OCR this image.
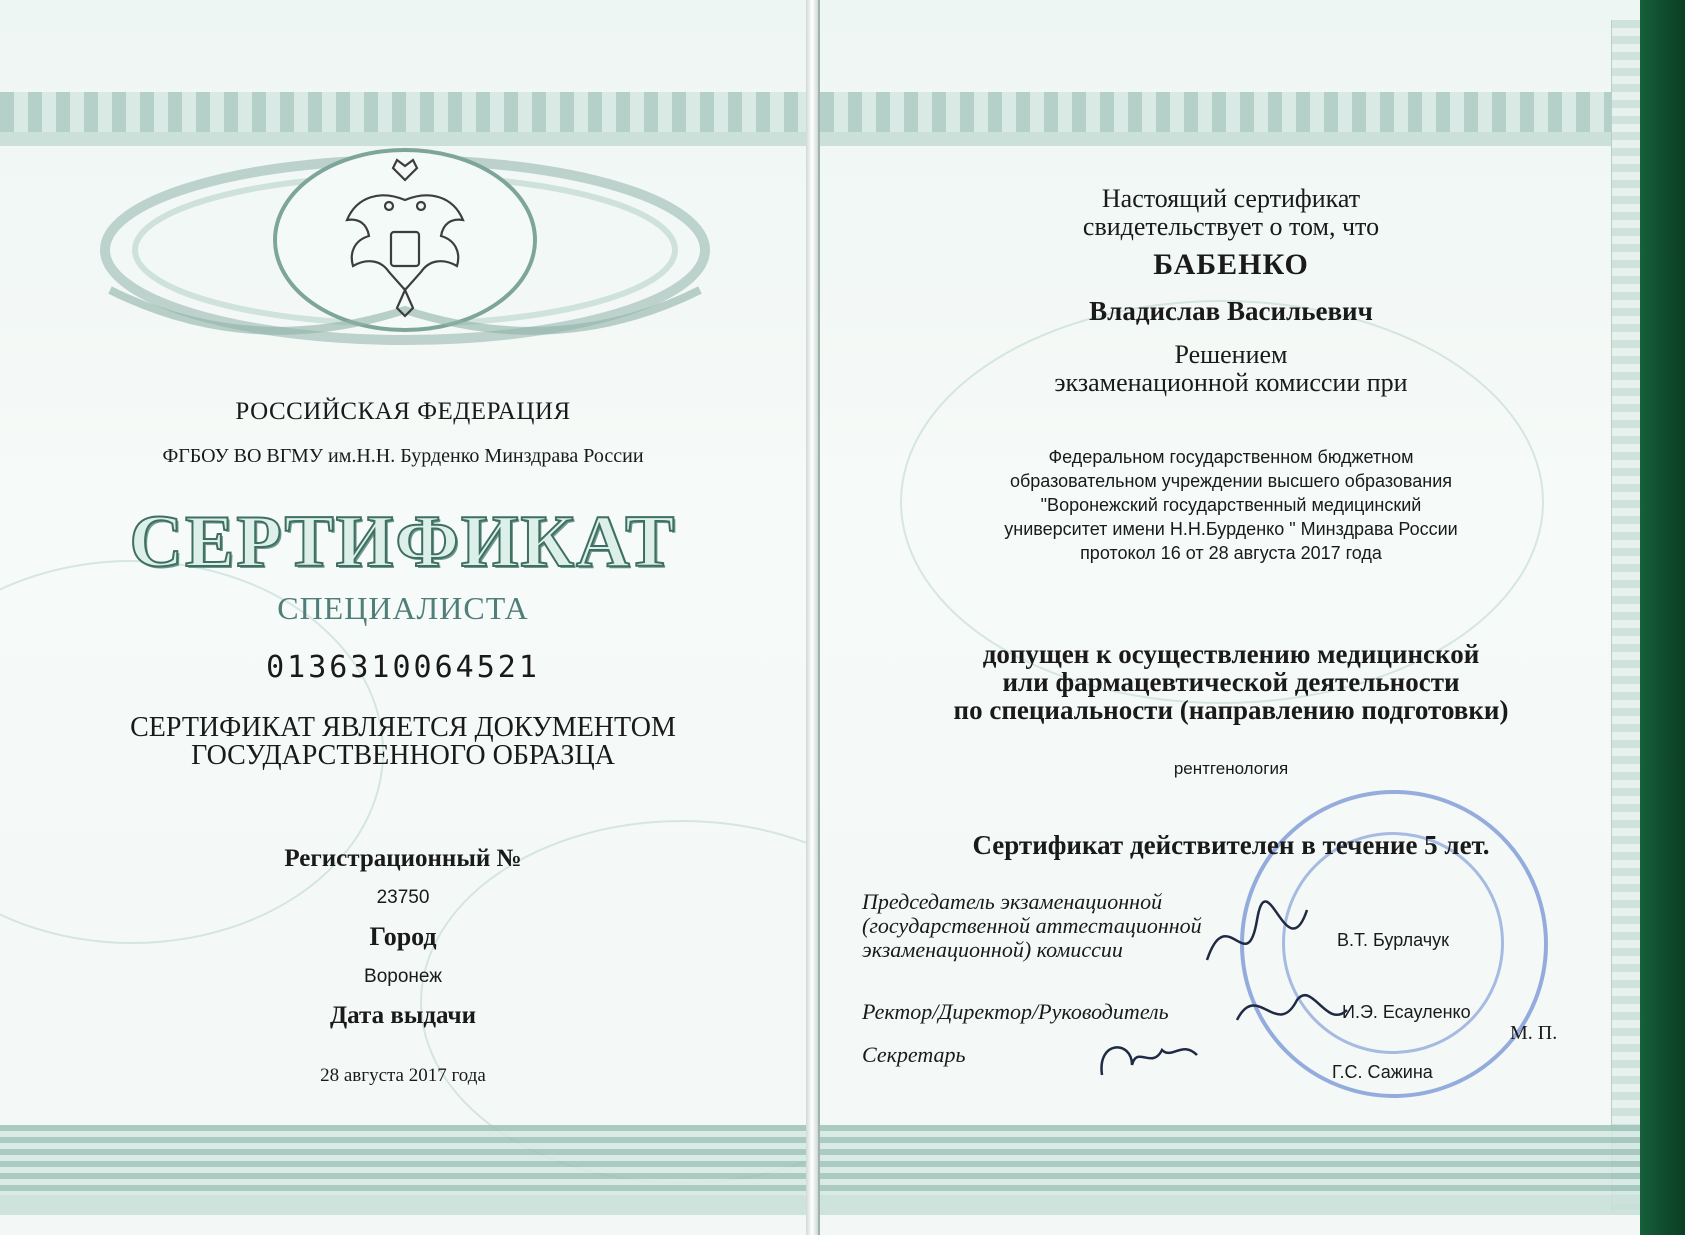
РОССИЙСКАЯ ФЕДЕРАЦИЯ
ФГБОУ ВО ВГМУ им.Н.Н. Бурденко Минздрава России
СЕРТИФИКАТ
СПЕЦИАЛИСТА
0136310064521
СЕРТИФИКАТ ЯВЛЯЕТСЯ ДОКУМЕНТОМ
ГОСУДАРСТВЕННОГО ОБРАЗЦА
Регистрационный №
23750
Город
Воронеж
Дата выдачи
28 августа 2017 года
Настоящий сертификат
свидетельствует о том, что
БАБЕНКО
Владислав Васильевич
Решением
экзаменационной комиссии при
Федеральном государственном бюджетном
образовательном учреждении высшего образования
"Воронежский государственный медицинский
университет имени Н.Н.Бурденко " Минздрава России
протокол 16 от 28 августа 2017 года
допущен к осуществлению медицинской
или фармацевтической деятельности
по специальности (направлению подготовки)
рентгенология
Сертификат действителен в течение 5 лет.
Председатель экзаменационной
(государственной аттестационной
экзаменационной) комиссии	В.Т. Бурлачук
Ректор/Директор/Руководитель	И.Э. Есауленко
Секретарь
Г.С. Сажина
М. П.
